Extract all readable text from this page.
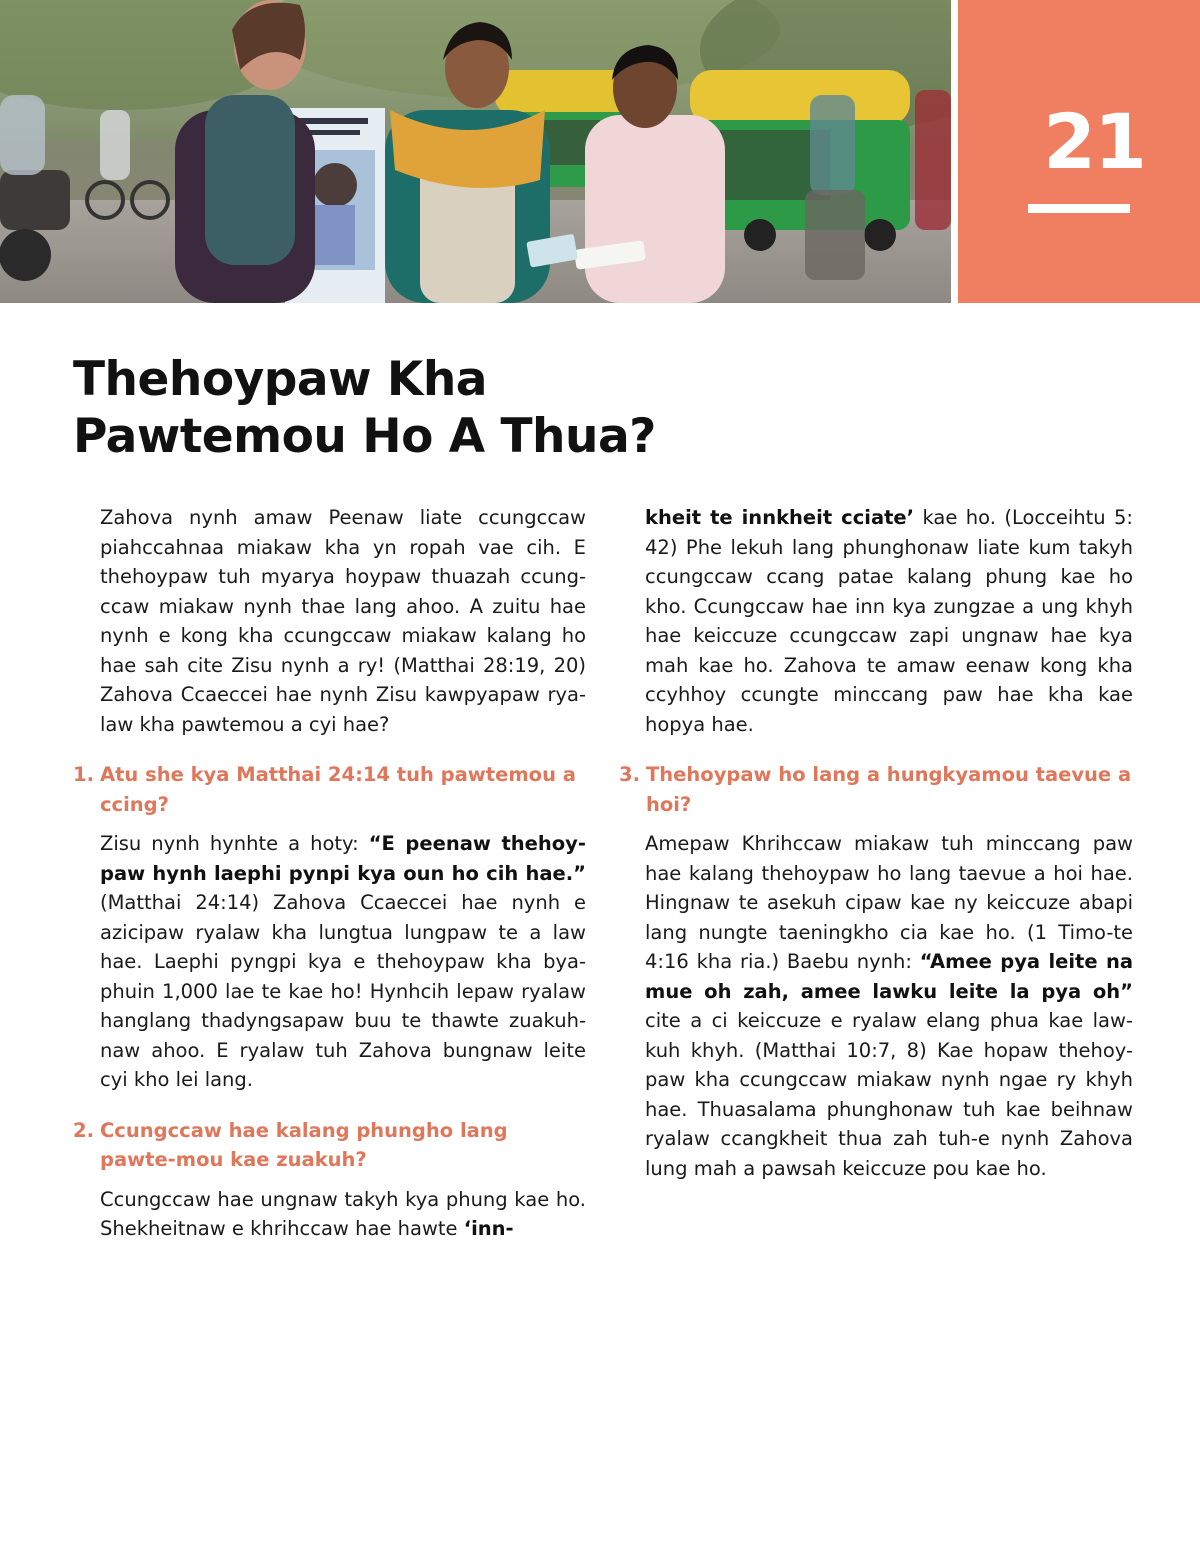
21
Thehoypaw Kha
Pawtemou Ho A Thua?

Zahova nynh amaw Peenaw liate ccungccaw piahccahnaa miakaw kha yn ropah vae cih. E thehoypaw tuh myarya hoypaw thuazah ccung-ccaw miakaw nynh thae lang ahoo. A zuitu hae nynh e kong kha ccungccaw miakaw kalang ho hae sah cite Zisu nynh a ry! (Matthai 28:19, 20) Zahova Ccaeccei hae nynh Zisu kawpyapaw rya-law kha pawtemou a cyi hae?

1. Atu she kya Matthai 24:14 tuh pawtemou a ccing?

Zisu nynh hynhte a hoty: “E peenaw thehoy-paw hynh laephi pynpi kya oun ho cih hae.” (Matthai 24:14) Zahova Ccaeccei hae nynh e azicipaw ryalaw kha lungtua lungpaw te a law hae. Laephi pyngpi kya e thehoypaw kha bya-phuin 1,000 lae te kae ho! Hynhcih lepaw ryalaw hanglang thadyngsapaw buu te thawte zuakuh-naw ahoo. E ryalaw tuh Zahova bungnaw leite cyi kho lei lang.

2. Ccungccaw hae kalang phungho lang pawte-mou kae zuakuh?

Ccungccaw hae ungnaw takyh kya phung kae ho. Shekheitnaw e khrihccaw hae hawte ‘inn-

kheit te innkheit cciate’ kae ho. (Locceihtu 5: 42) Phe lekuh lang phunghonaw liate kum takyh ccungccaw ccang patae kalang phung kae ho kho. Ccungccaw hae inn kya zungzae a ung khyh hae keiccuze ccungccaw zapi ungnaw hae kya mah kae ho. Zahova te amaw eenaw kong kha ccyhhoy ccungte minccang paw hae kha kae hopya hae.

3. Thehoypaw ho lang a hungkyamou taevue a hoi?

Amepaw Khrihccaw miakaw tuh minccang paw hae kalang thehoypaw ho lang taevue a hoi hae. Hingnaw te asekuh cipaw kae ny keiccuze abapi lang nungte taeningkho cia kae ho. (1 Timo-te 4:16 kha ria.) Baebu nynh: “Amee pya leite na mue oh zah, amee lawku leite la pya oh” cite a ci keiccuze e ryalaw elang phua kae law-kuh khyh. (Matthai 10:7, 8) Kae hopaw thehoy-paw kha ccungccaw miakaw nynh ngae ry khyh hae. Thuasalama phunghonaw tuh kae beihnaw ryalaw ccangkheit thua zah tuh-e nynh Zahova lung mah a pawsah keiccuze pou kae ho.
